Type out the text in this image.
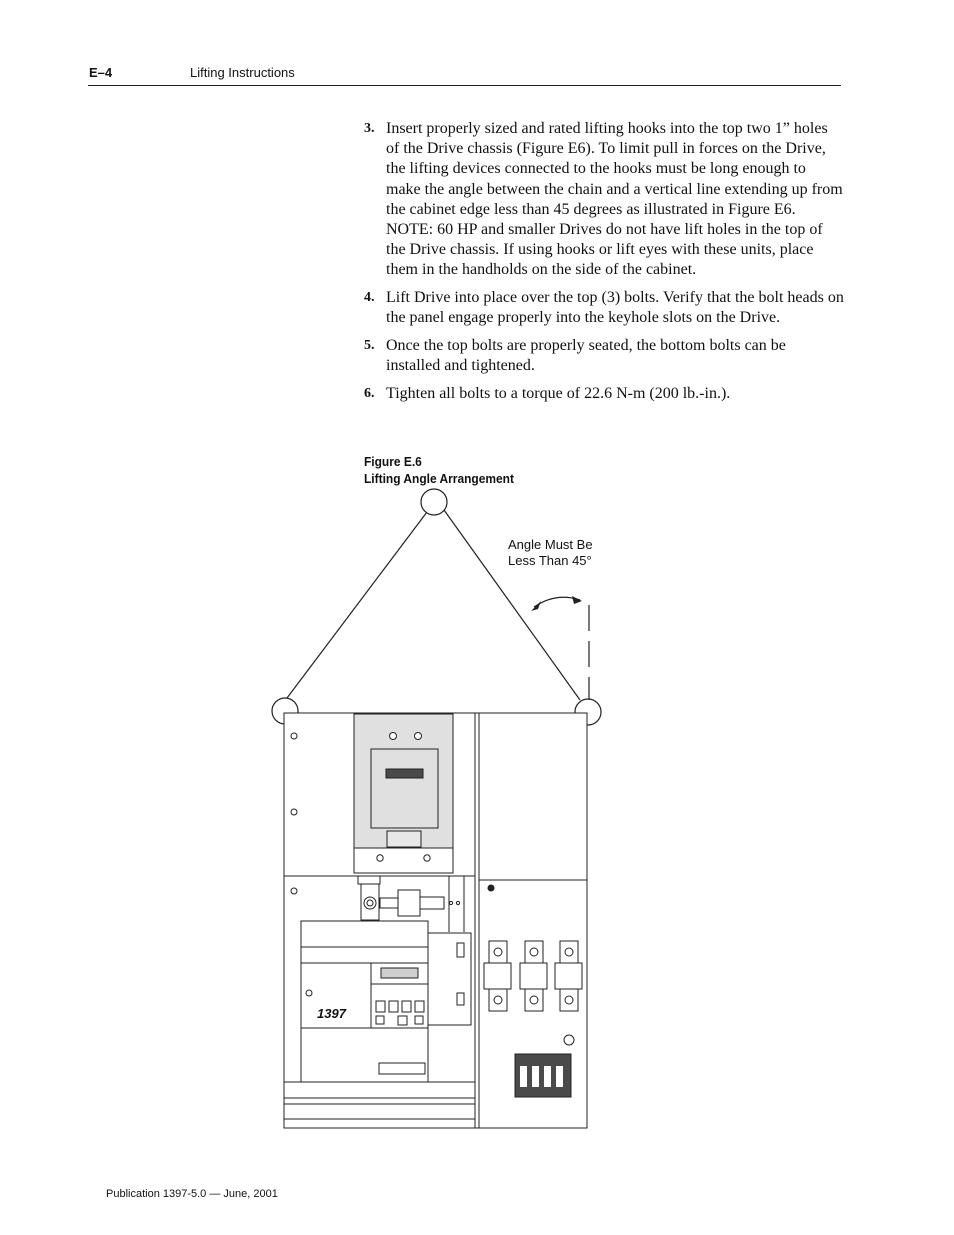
E–4	Lifting Instructions
3. Insert properly sized and rated lifting hooks into the top two 1” holes of the Drive chassis (Figure E6). To limit pull in forces on the Drive, the lifting devices connected to the hooks must be long enough to make the angle between the chain and a vertical line extending up from the cabinet edge less than 45 degrees as illustrated in Figure E6.
NOTE: 60 HP and smaller Drives do not have lift holes in the top of the Drive chassis. If using hooks or lift eyes with these units, place them in the handholds on the side of the cabinet.
4. Lift Drive into place over the top (3) bolts. Verify that the bolt heads on the panel engage properly into the keyhole slots on the Drive.
5. Once the top bolts are properly seated, the bottom bolts can be installed and tightened.
6. Tighten all bolts to a torque of 22.6 N-m (200 lb.-in.).
Figure E.6
Lifting Angle Arrangement
Angle Must Be
Less Than 45°
1397
Publication 1397-5.0 — June, 2001
